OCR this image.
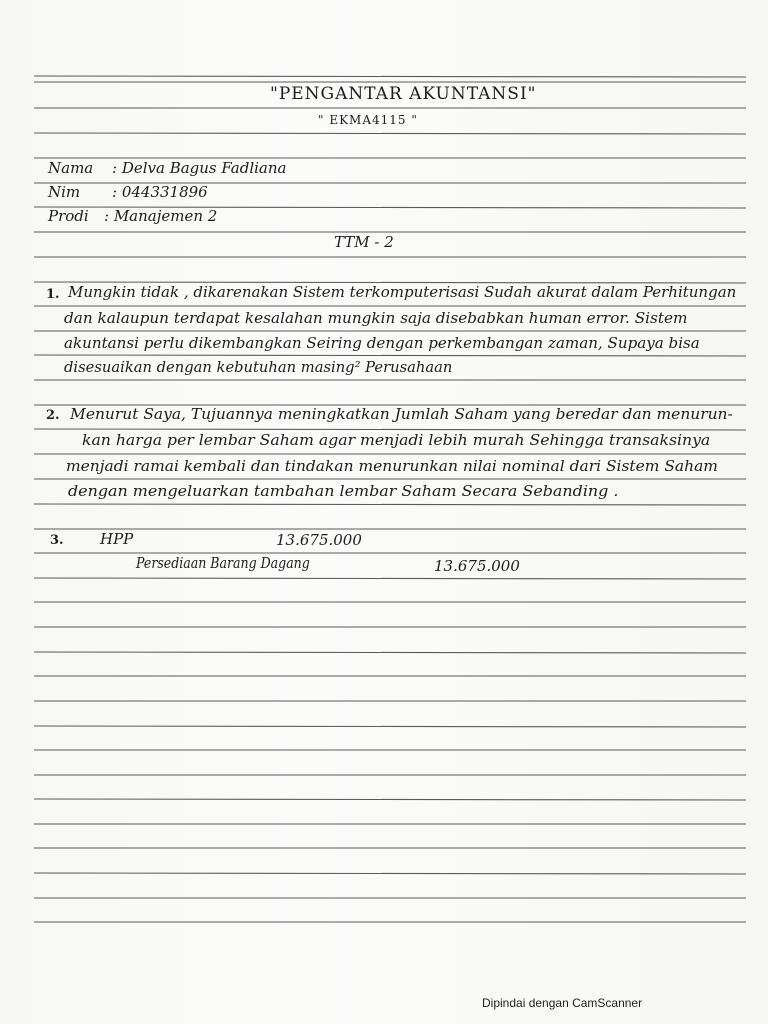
"PENGANTAR AKUNTANSI"
" EKMA4115 "
Nama : Delva Bagus Fadliana
Nim : 044331896
Prodi : Manajemen 2
TTM - 2
1. Mungkin tidak , dikarenakan Sistem terkomputerisasi Sudah akurat dalam Perhitungan
dan kalaupun terdapat kesalahan mungkin saja disebabkan human error. Sistem
akuntansi perlu dikembangkan Seiring dengan perkembangan zaman, Supaya bisa
disesuaikan dengan kebutuhan masing² Perusahaan
2. Menurut Saya, Tujuannya meningkatkan Jumlah Saham yang beredar dan menurun-
kan harga per lembar Saham agar menjadi lebih murah Sehingga transaksinya
menjadi ramai kembali dan tindakan menurunkan nilai nominal dari Sistem Saham
dengan mengeluarkan tambahan lembar Saham Secara Sebanding .
3. HPP	13.675.000
Persediaan Barang Dagang	13.675.000
Dipindai dengan CamScanner
